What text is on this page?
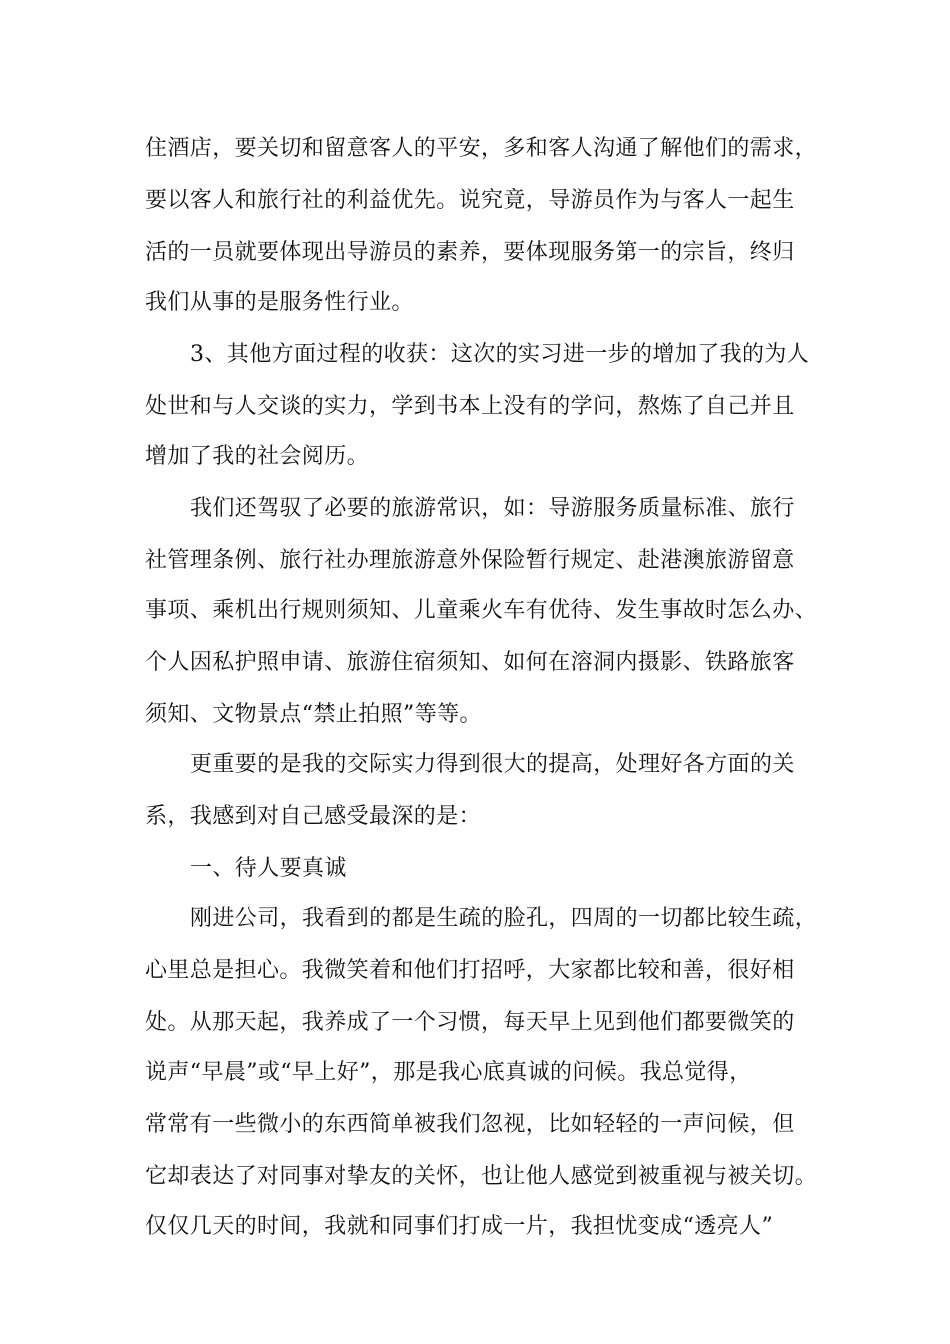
住酒店，要关切和留意客人的平安，多和客人沟通了解他们的需求，
要以客人和旅行社的利益优先。说究竟，导游员作为与客人一起生
活的一员就要体现出导游员的素养，要体现服务第一的宗旨，终归
我们从事的是服务性行业。
3、其他方面过程的收获：这次的实习进一步的增加了我的为人
处世和与人交谈的实力，学到书本上没有的学问，熬炼了自己并且
增加了我的社会阅历。
我们还驾驭了必要的旅游常识，如：导游服务质量标准、旅行
社管理条例、旅行社办理旅游意外保险暂行规定、赴港澳旅游留意
事项、乘机出行规则须知、儿童乘火车有优待、发生事故时怎么办、
个人因私护照申请、旅游住宿须知、如何在溶洞内摄影、铁路旅客
须知、文物景点“禁止拍照”等等。
更重要的是我的交际实力得到很大的提高，处理好各方面的关
系，我感到对自己感受最深的是：
一、待人要真诚
刚进公司，我看到的都是生疏的脸孔，四周的一切都比较生疏，
心里总是担心。我微笑着和他们打招呼，大家都比较和善，很好相
处。从那天起，我养成了一个习惯，每天早上见到他们都要微笑的
说声“早晨”或“早上好”，那是我心底真诚的问候。我总觉得，
常常有一些微小的东西简单被我们忽视，比如轻轻的一声问候，但
它却表达了对同事对挚友的关怀，也让他人感觉到被重视与被关切。
仅仅几天的时间，我就和同事们打成一片，我担忧变成“透亮人”
